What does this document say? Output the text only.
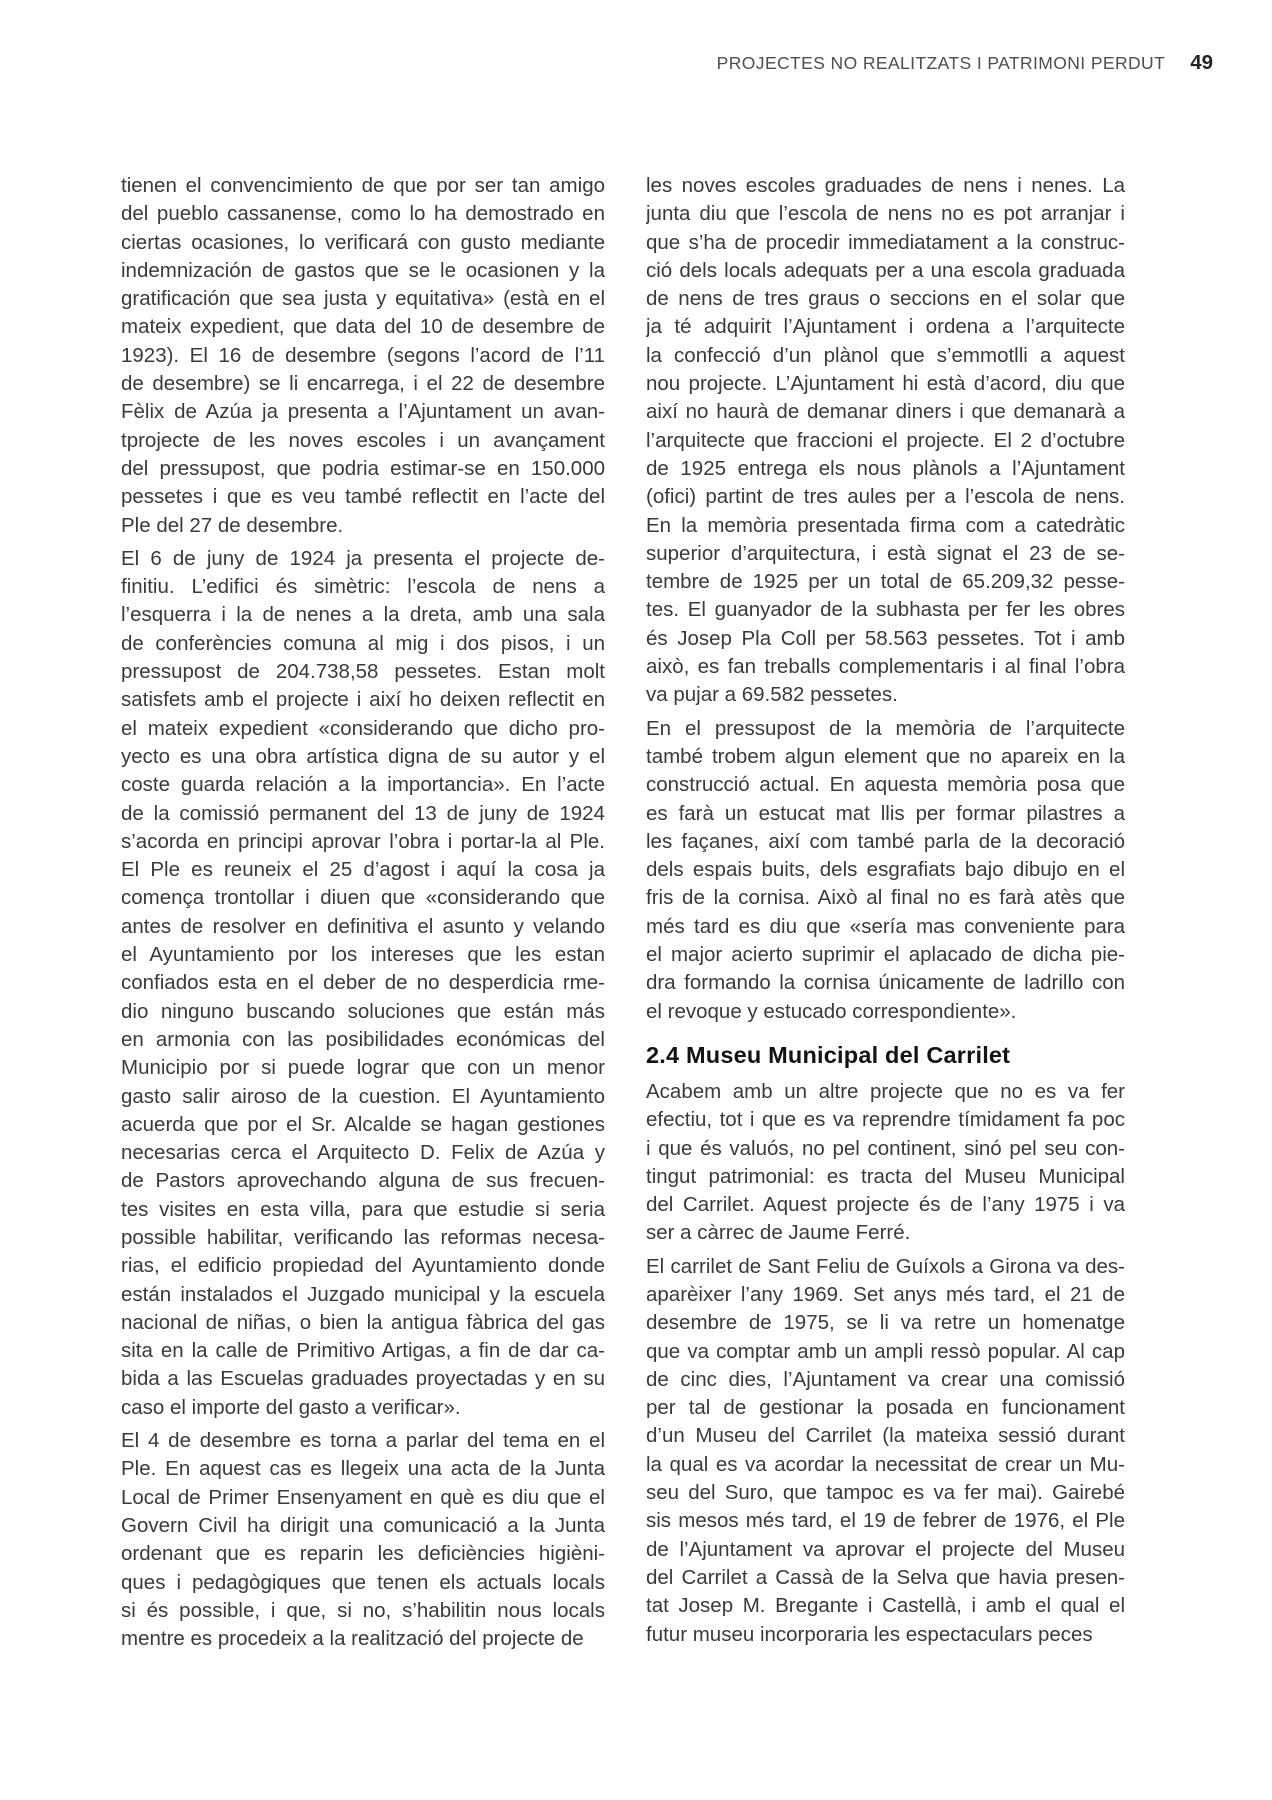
PROJECTES NO REALITZATS I PATRIMONI PERDUT 49
tienen el convencimiento de que por ser tan amigo
del pueblo cassanense, como lo ha demostrado en
ciertas ocasiones, lo verificará con gusto mediante
indemnización de gastos que se le ocasionen y la
gratificación que sea justa y equitativa» (està en el
mateix expedient, que data del 10 de desembre de
1923). El 16 de desembre (segons l’acord de l’11
de desembre) se li encarrega, i el 22 de desembre
Fèlix de Azúa ja presenta a l’Ajuntament un avan-
tprojecte de les noves escoles i un avançament
del pressupost, que podria estimar-se en 150.000
pessetes i que es veu també reflectit en l’acte del
Ple del 27 de desembre.
El 6 de juny de 1924 ja presenta el projecte de-
finitiu. L’edifici és simètric: l’escola de nens a
l’esquerra i la de nenes a la dreta, amb una sala
de conferències comuna al mig i dos pisos, i un
pressupost de 204.738,58 pessetes. Estan molt
satisfets amb el projecte i així ho deixen reflectit en
el mateix expedient «considerando que dicho pro-
yecto es una obra artística digna de su autor y el
coste guarda relación a la importancia». En l’acte
de la comissió permanent del 13 de juny de 1924
s’acorda en principi aprovar l’obra i portar-la al Ple.
El Ple es reuneix el 25 d’agost i aquí la cosa ja
comença trontollar i diuen que «considerando que
antes de resolver en definitiva el asunto y velando
el Ayuntamiento por los intereses que les estan
confiados esta en el deber de no desperdicia rme-
dio ninguno buscando soluciones que están más
en armonia con las posibilidades económicas del
Municipio por si puede lograr que con un menor
gasto salir airoso de la cuestion. El Ayuntamiento
acuerda que por el Sr. Alcalde se hagan gestiones
necesarias cerca el Arquitecto D. Felix de Azúa y
de Pastors aprovechando alguna de sus frecuen-
tes visites en esta villa, para que estudie si seria
possible habilitar, verificando las reformas necesa-
rias, el edificio propiedad del Ayuntamiento donde
están instalados el Juzgado municipal y la escuela
nacional de niñas, o bien la antigua fàbrica del gas
sita en la calle de Primitivo Artigas, a fin de dar ca-
bida a las Escuelas graduades proyectadas y en su
caso el importe del gasto a verificar».
El 4 de desembre es torna a parlar del tema en el
Ple. En aquest cas es llegeix una acta de la Junta
Local de Primer Ensenyament en què es diu que el
Govern Civil ha dirigit una comunicació a la Junta
ordenant que es reparin les deficiències higièni-
ques i pedagògiques que tenen els actuals locals
si és possible, i que, si no, s’habilitin nous locals
mentre es procedeix a la realització del projecte de
les noves escoles graduades de nens i nenes. La
junta diu que l’escola de nens no es pot arranjar i
que s’ha de procedir immediatament a la construc-
ció dels locals adequats per a una escola graduada
de nens de tres graus o seccions en el solar que
ja té adquirit l’Ajuntament i ordena a l’arquitecte
la confecció d’un plànol que s’emmotlli a aquest
nou projecte. L’Ajuntament hi està d’acord, diu que
així no haurà de demanar diners i que demanarà a
l’arquitecte que fraccioni el projecte. El 2 d’octubre
de 1925 entrega els nous plànols a l’Ajuntament
(ofici) partint de tres aules per a l’escola de nens.
En la memòria presentada firma com a catedràtic
superior d’arquitectura, i està signat el 23 de se-
tembre de 1925 per un total de 65.209,32 pesse-
tes. El guanyador de la subhasta per fer les obres
és Josep Pla Coll per 58.563 pessetes. Tot i amb
això, es fan treballs complementaris i al final l’obra
va pujar a 69.582 pessetes.
En el pressupost de la memòria de l’arquitecte
també trobem algun element que no apareix en la
construcció actual. En aquesta memòria posa que
es farà un estucat mat llis per formar pilastres a
les façanes, així com també parla de la decoració
dels espais buits, dels esgrafiats bajo dibujo en el
fris de la cornisa. Això al final no es farà atès que
més tard es diu que «sería mas conveniente para
el major acierto suprimir el aplacado de dicha pie-
dra formando la cornisa únicamente de ladrillo con
el revoque y estucado correspondiente».
2.4 Museu Municipal del Carrilet
Acabem amb un altre projecte que no es va fer
efectiu, tot i que es va reprendre tímidament fa poc
i que és valuós, no pel continent, sinó pel seu con-
tingut patrimonial: es tracta del Museu Municipal
del Carrilet. Aquest projecte és de l’any 1975 i va
ser a càrrec de Jaume Ferré.
El carrilet de Sant Feliu de Guíxols a Girona va des-
aparèixer l’any 1969. Set anys més tard, el 21 de
desembre de 1975, se li va retre un homenatge
que va comptar amb un ampli ressò popular. Al cap
de cinc dies, l’Ajuntament va crear una comissió
per tal de gestionar la posada en funcionament
d’un Museu del Carrilet (la mateixa sessió durant
la qual es va acordar la necessitat de crear un Mu-
seu del Suro, que tampoc es va fer mai). Gairebé
sis mesos més tard, el 19 de febrer de 1976, el Ple
de l’Ajuntament va aprovar el projecte del Museu
del Carrilet a Cassà de la Selva que havia presen-
tat Josep M. Bregante i Castellà, i amb el qual el
futur museu incorporaria les espectaculars peces
